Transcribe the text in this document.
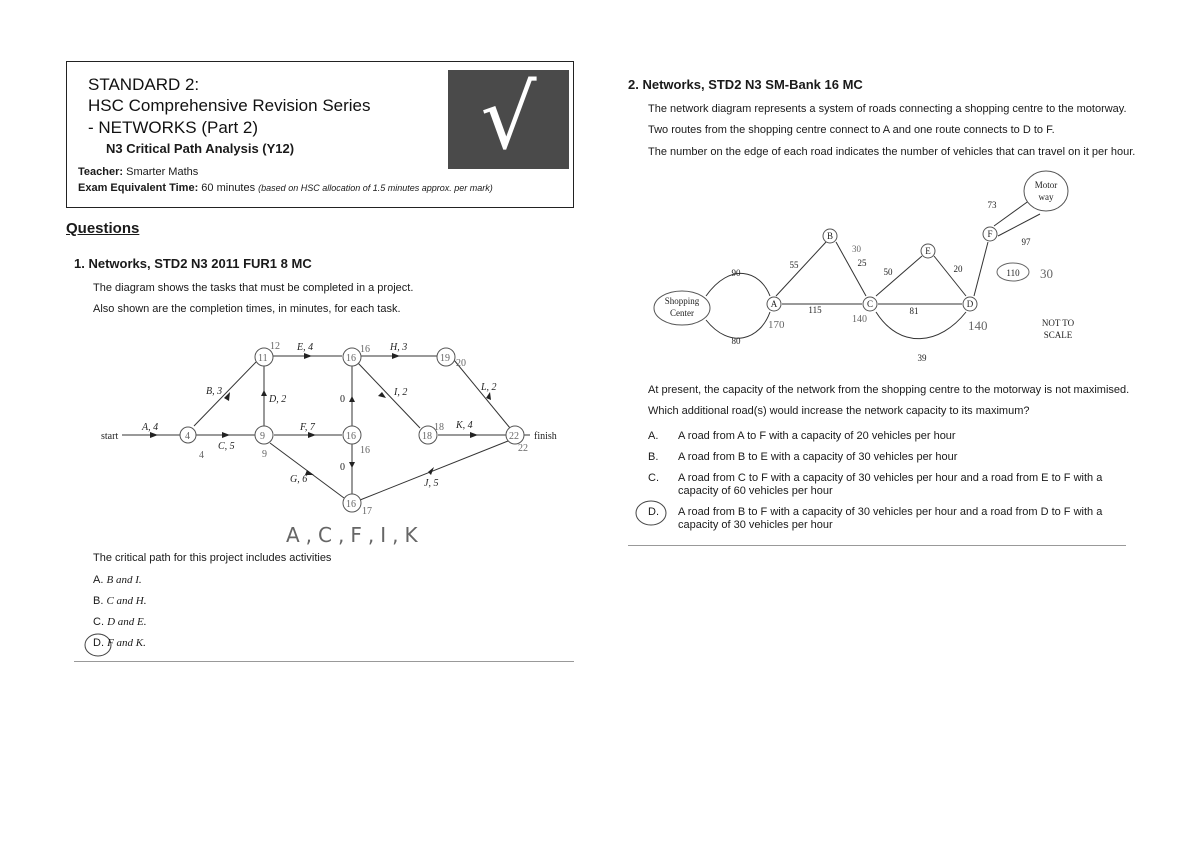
STANDARD 2:
HSC Comprehensive Revision Series
- NETWORKS (Part 2)
N3 Critical Path Analysis (Y12)
Teacher: Smarter Maths
Exam Equivalent Time: 60 minutes (based on HSC allocation of 1.5 minutes approx. per mark)
√
Questions
1. Networks, STD2 N3 2011 FUR1 8 MC
The diagram shows the tasks that must be completed in a project.
Also shown are the completion times, in minutes, for each task.
start	finish
A, 4
C, 5
B, 3
D, 2
E, 4
F, 7
G, 6
0
0
H, 3
I, 2
K, 4
L, 2
J, 5
4
4
11
12
9
9
16
16
16
16
16
17
19 20
18
18
22
22
A,C,F,I,K
Shopping
Center
Motor
way
A
B
C	D
E
F
90
80
55
115
25
50	20
81
39
110
73
97
NOT TO
SCALE
170
30
140	140
30
The critical path for this project includes activities
A. B and I.
B. C and H.
C. D and E.
D. F and K.
2. Networks, STD2 N3 SM-Bank 16 MC
The network diagram represents a system of roads connecting a shopping centre to the motorway.
Two routes from the shopping centre connect to A and one route connects to D to F.
The number on the edge of each road indicates the number of vehicles that can travel on it per hour.
At present, the capacity of the network from the shopping centre to the motorway is not maximised.
Which additional road(s) would increase the network capacity to its maximum?
A.	A road from A to F with a capacity of 20 vehicles per hour
B.	A road from B to E with a capacity of 30 vehicles per hour
C.	A road from C to F with a capacity of 30 vehicles per hour and a road from E to F with a capacity of 60 vehicles per hour
D.	A road from B to F with a capacity of 30 vehicles per hour and a road from D to F with a capacity of 30 vehicles per hour
